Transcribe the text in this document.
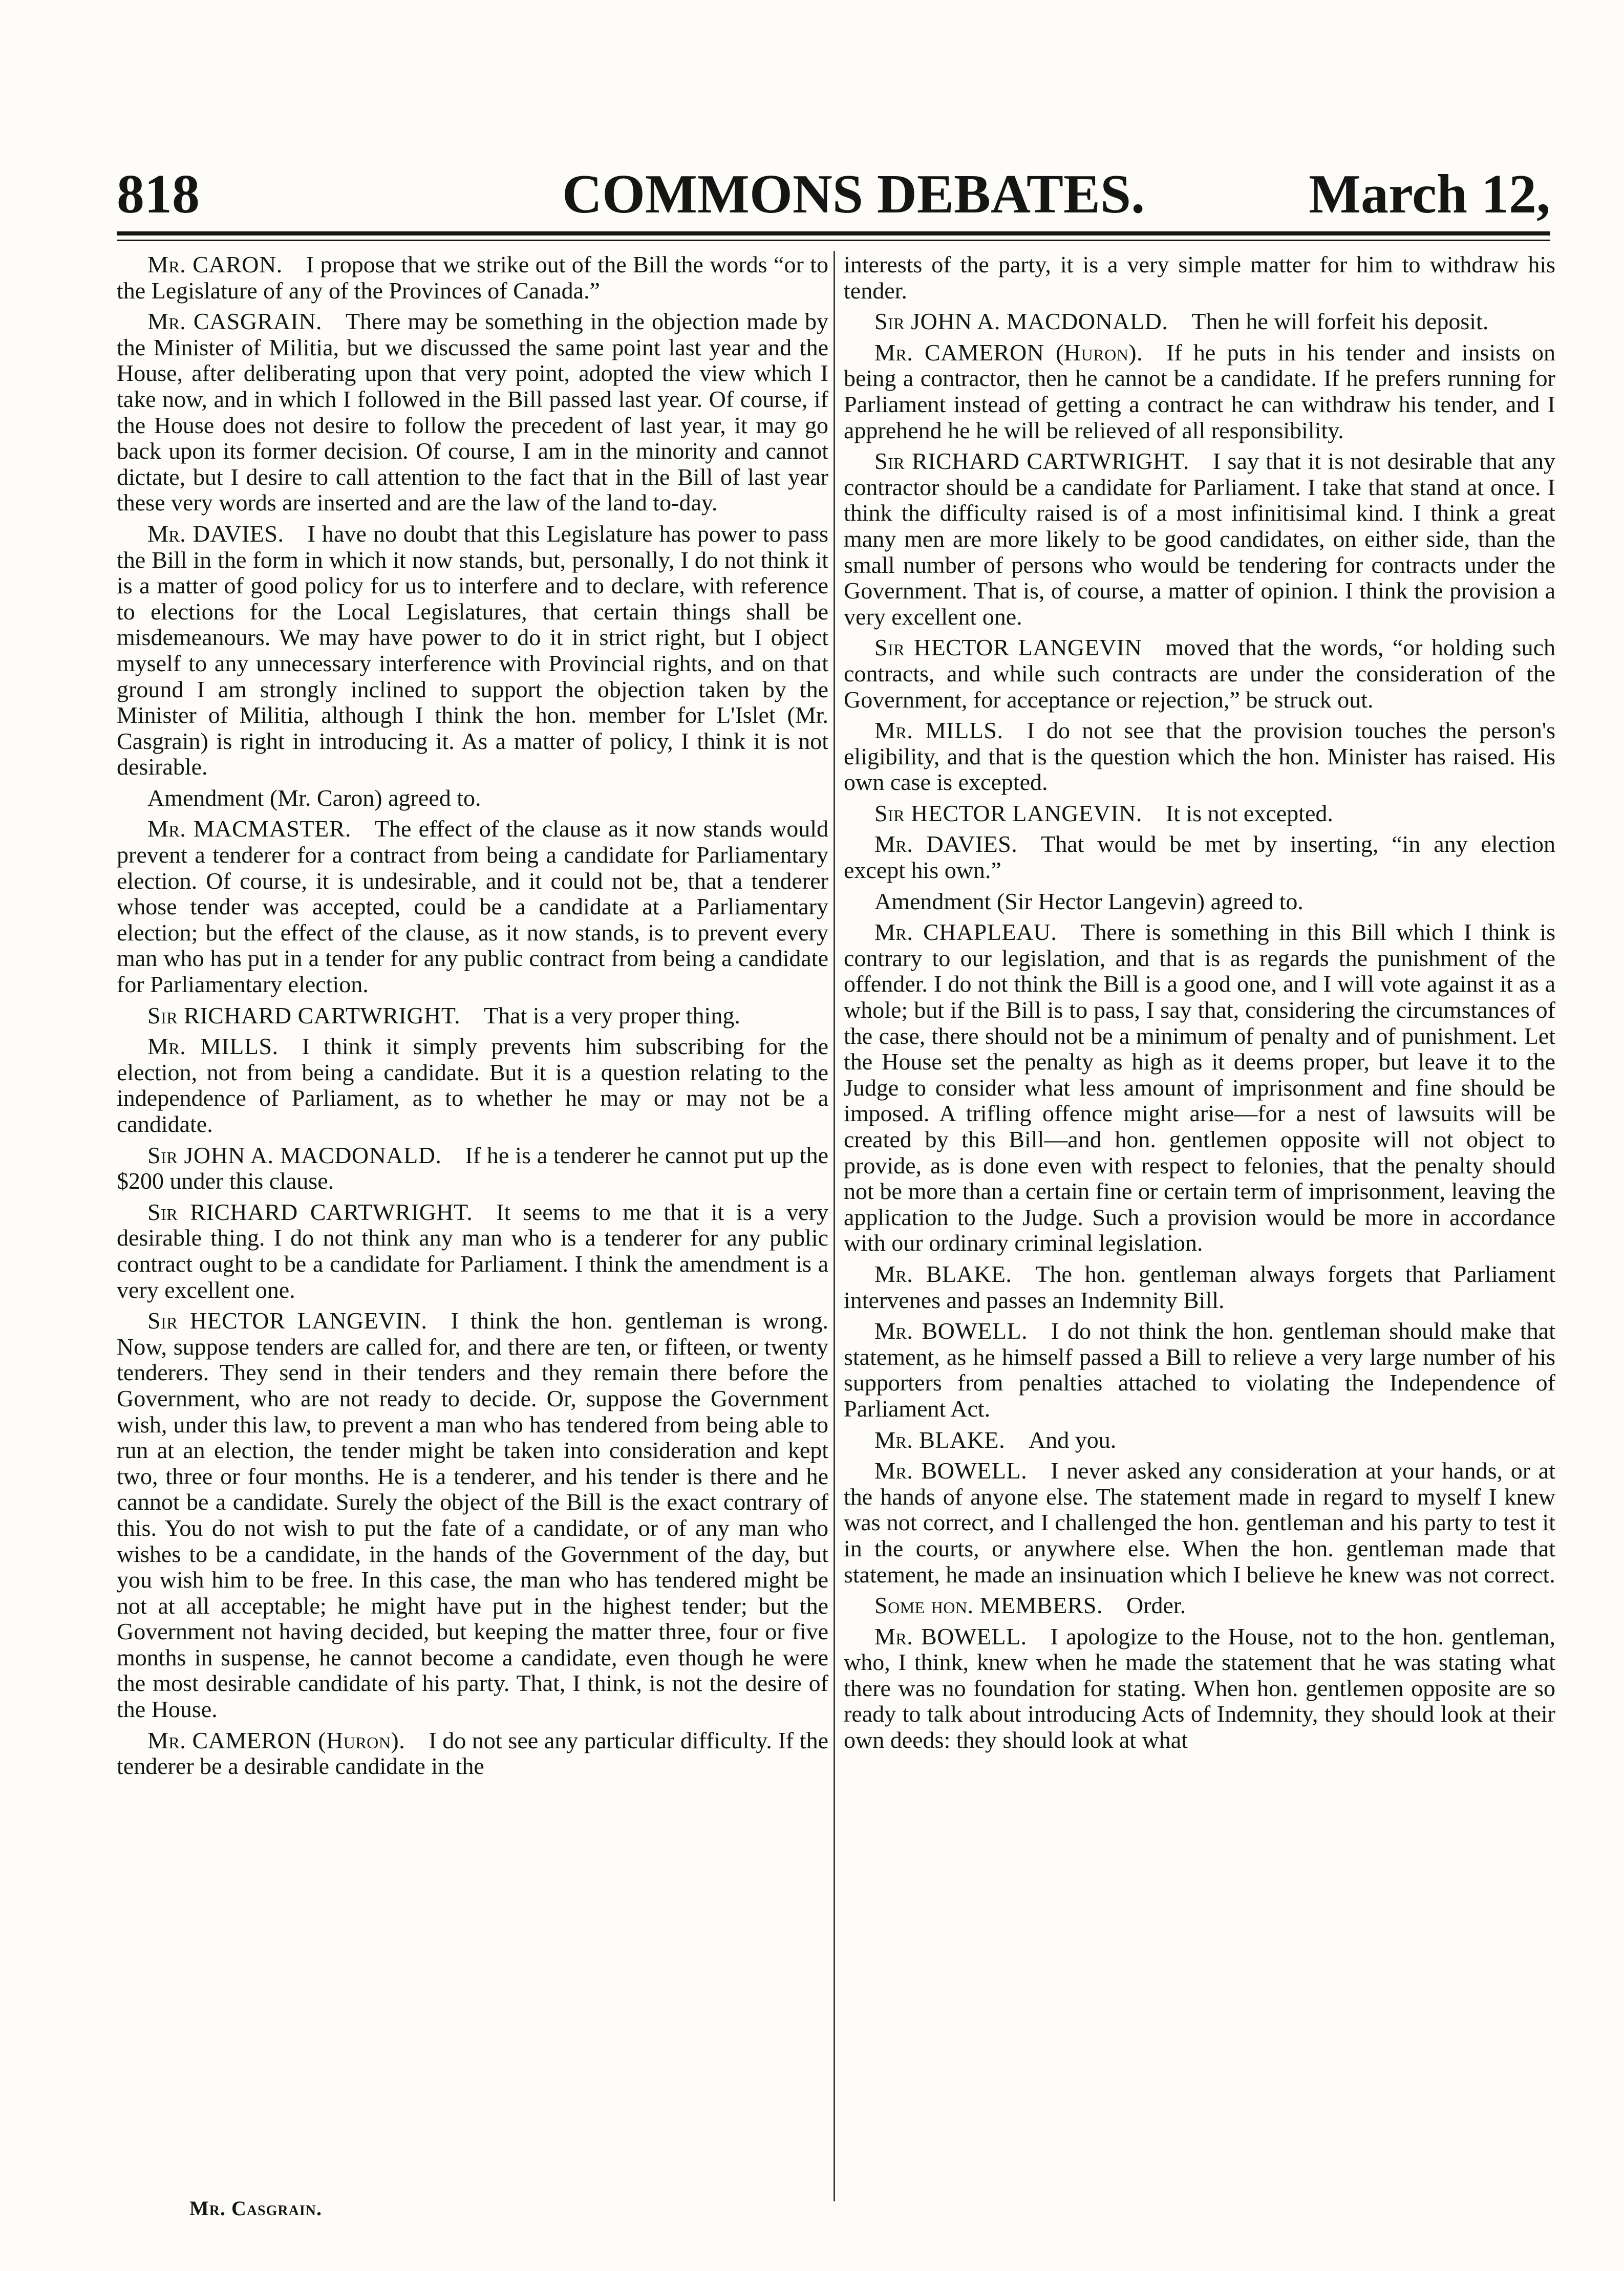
818	COMMONS DEBATES.	March 12,

Mr. CARON.  I propose that we strike out of the Bill the words “or to the Legislature of any of the Provinces of Canada.”

Mr. CASGRAIN.  There may be something in the objection made by the Minister of Militia, but we discussed the same point last year and the House, after deliberating upon that very point, adopted the view which I take now, and in which I followed in the Bill passed last year. Of course, if the House does not desire to follow the precedent of last year, it may go back upon its former decision. Of course, I am in the minority and cannot dictate, but I desire to call attention to the fact that in the Bill of last year these very words are inserted and are the law of the land to-day.

Mr. DAVIES.  I have no doubt that this Legislature has power to pass the Bill in the form in which it now stands, but, personally, I do not think it is a matter of good policy for us to interfere and to declare, with reference to elections for the Local Legislatures, that certain things shall be misdemeanours. We may have power to do it in strict right, but I object myself to any unnecessary interference with Provincial rights, and on that ground I am strongly inclined to support the objection taken by the Minister of Militia, although I think the hon. member for L'Islet (Mr. Casgrain) is right in introducing it. As a matter of policy, I think it is not desirable.

Amendment (Mr. Caron) agreed to.

Mr. MACMASTER.  The effect of the clause as it now stands would prevent a tenderer for a contract from being a candidate for Parliamentary election. Of course, it is undesirable, and it could not be, that a tenderer whose tender was accepted, could be a candidate at a Parliamentary election; but the effect of the clause, as it now stands, is to prevent every man who has put in a tender for any public contract from being a candidate for Parliamentary election.

Sir RICHARD CARTWRIGHT.  That is a very proper thing.

Mr. MILLS.  I think it simply prevents him subscribing for the election, not from being a candidate. But it is a question relating to the independence of Parliament, as to whether he may or may not be a candidate.

Sir JOHN A. MACDONALD.  If he is a tenderer he cannot put up the $200 under this clause.

Sir RICHARD CARTWRIGHT.  It seems to me that it is a very desirable thing. I do not think any man who is a tenderer for any public contract ought to be a candidate for Parliament. I think the amendment is a very excellent one.

Sir HECTOR LANGEVIN.  I think the hon. gentleman is wrong. Now, suppose tenders are called for, and there are ten, or fifteen, or twenty tenderers. They send in their tenders and they remain there before the Government, who are not ready to decide. Or, suppose the Government wish, under this law, to prevent a man who has tendered from being able to run at an election, the tender might be taken into consideration and kept two, three or four months. He is a tenderer, and his tender is there and he cannot be a candidate. Surely the object of the Bill is the exact contrary of this. You do not wish to put the fate of a candidate, or of any man who wishes to be a candidate, in the hands of the Government of the day, but you wish him to be free. In this case, the man who has tendered might be not at all acceptable; he might have put in the highest tender; but the Government not having decided, but keeping the matter three, four or five months in suspense, he cannot become a candidate, even though he were the most desirable candidate of his party. That, I think, is not the desire of the House.

Mr. CAMERON (Huron).  I do not see any particular difficulty. If the tenderer be a desirable candidate in the

interests of the party, it is a very simple matter for him to withdraw his tender.

Sir JOHN A. MACDONALD.  Then he will forfeit his deposit.

Mr. CAMERON (Huron).  If he puts in his tender and insists on being a contractor, then he cannot be a candidate. If he prefers running for Parliament instead of getting a contract he can withdraw his tender, and I apprehend he he will be relieved of all responsibility.

Sir RICHARD CARTWRIGHT.  I say that it is not desirable that any contractor should be a candidate for Parliament. I take that stand at once. I think the difficulty raised is of a most infinitisimal kind. I think a great many men are more likely to be good candidates, on either side, than the small number of persons who would be tendering for contracts under the Government. That is, of course, a matter of opinion. I think the provision a very excellent one.

Sir HECTOR LANGEVIN  moved that the words, “or holding such contracts, and while such contracts are under the consideration of the Government, for acceptance or rejection,” be struck out.

Mr. MILLS.  I do not see that the provision touches the person's eligibility, and that is the question which the hon. Minister has raised. His own case is excepted.

Sir HECTOR LANGEVIN.  It is not excepted.

Mr. DAVIES.  That would be met by inserting, “in any election except his own.”

Amendment (Sir Hector Langevin) agreed to.

Mr. CHAPLEAU.  There is something in this Bill which I think is contrary to our legislation, and that is as regards the punishment of the offender. I do not think the Bill is a good one, and I will vote against it as a whole; but if the Bill is to pass, I say that, considering the circumstances of the case, there should not be a minimum of penalty and of punishment. Let the House set the penalty as high as it deems proper, but leave it to the Judge to consider what less amount of imprisonment and fine should be imposed. A trifling offence might arise—for a nest of lawsuits will be created by this Bill—and hon. gentlemen opposite will not object to provide, as is done even with respect to felonies, that the penalty should not be more than a certain fine or certain term of imprisonment, leaving the application to the Judge. Such a provision would be more in accordance with our ordinary criminal legislation.

Mr. BLAKE.  The hon. gentleman always forgets that Parliament intervenes and passes an Indemnity Bill.

Mr. BOWELL.  I do not think the hon. gentleman should make that statement, as he himself passed a Bill to relieve a very large number of his supporters from penalties attached to violating the Independence of Parliament Act.

Mr. BLAKE.  And you.

Mr. BOWELL.  I never asked any consideration at your hands, or at the hands of anyone else. The statement made in regard to myself I knew was not correct, and I challenged the hon. gentleman and his party to test it in the courts, or anywhere else. When the hon. gentleman made that statement, he made an insinuation which I believe he knew was not correct.

Some hon. MEMBERS.  Order.

Mr. BOWELL.  I apologize to the House, not to the hon. gentleman, who, I think, knew when he made the statement that he was stating what there was no foundation for stating. When hon. gentlemen opposite are so ready to talk about introducing Acts of Indemnity, they should look at their own deeds: they should look at what

Mr. Casgrain.
